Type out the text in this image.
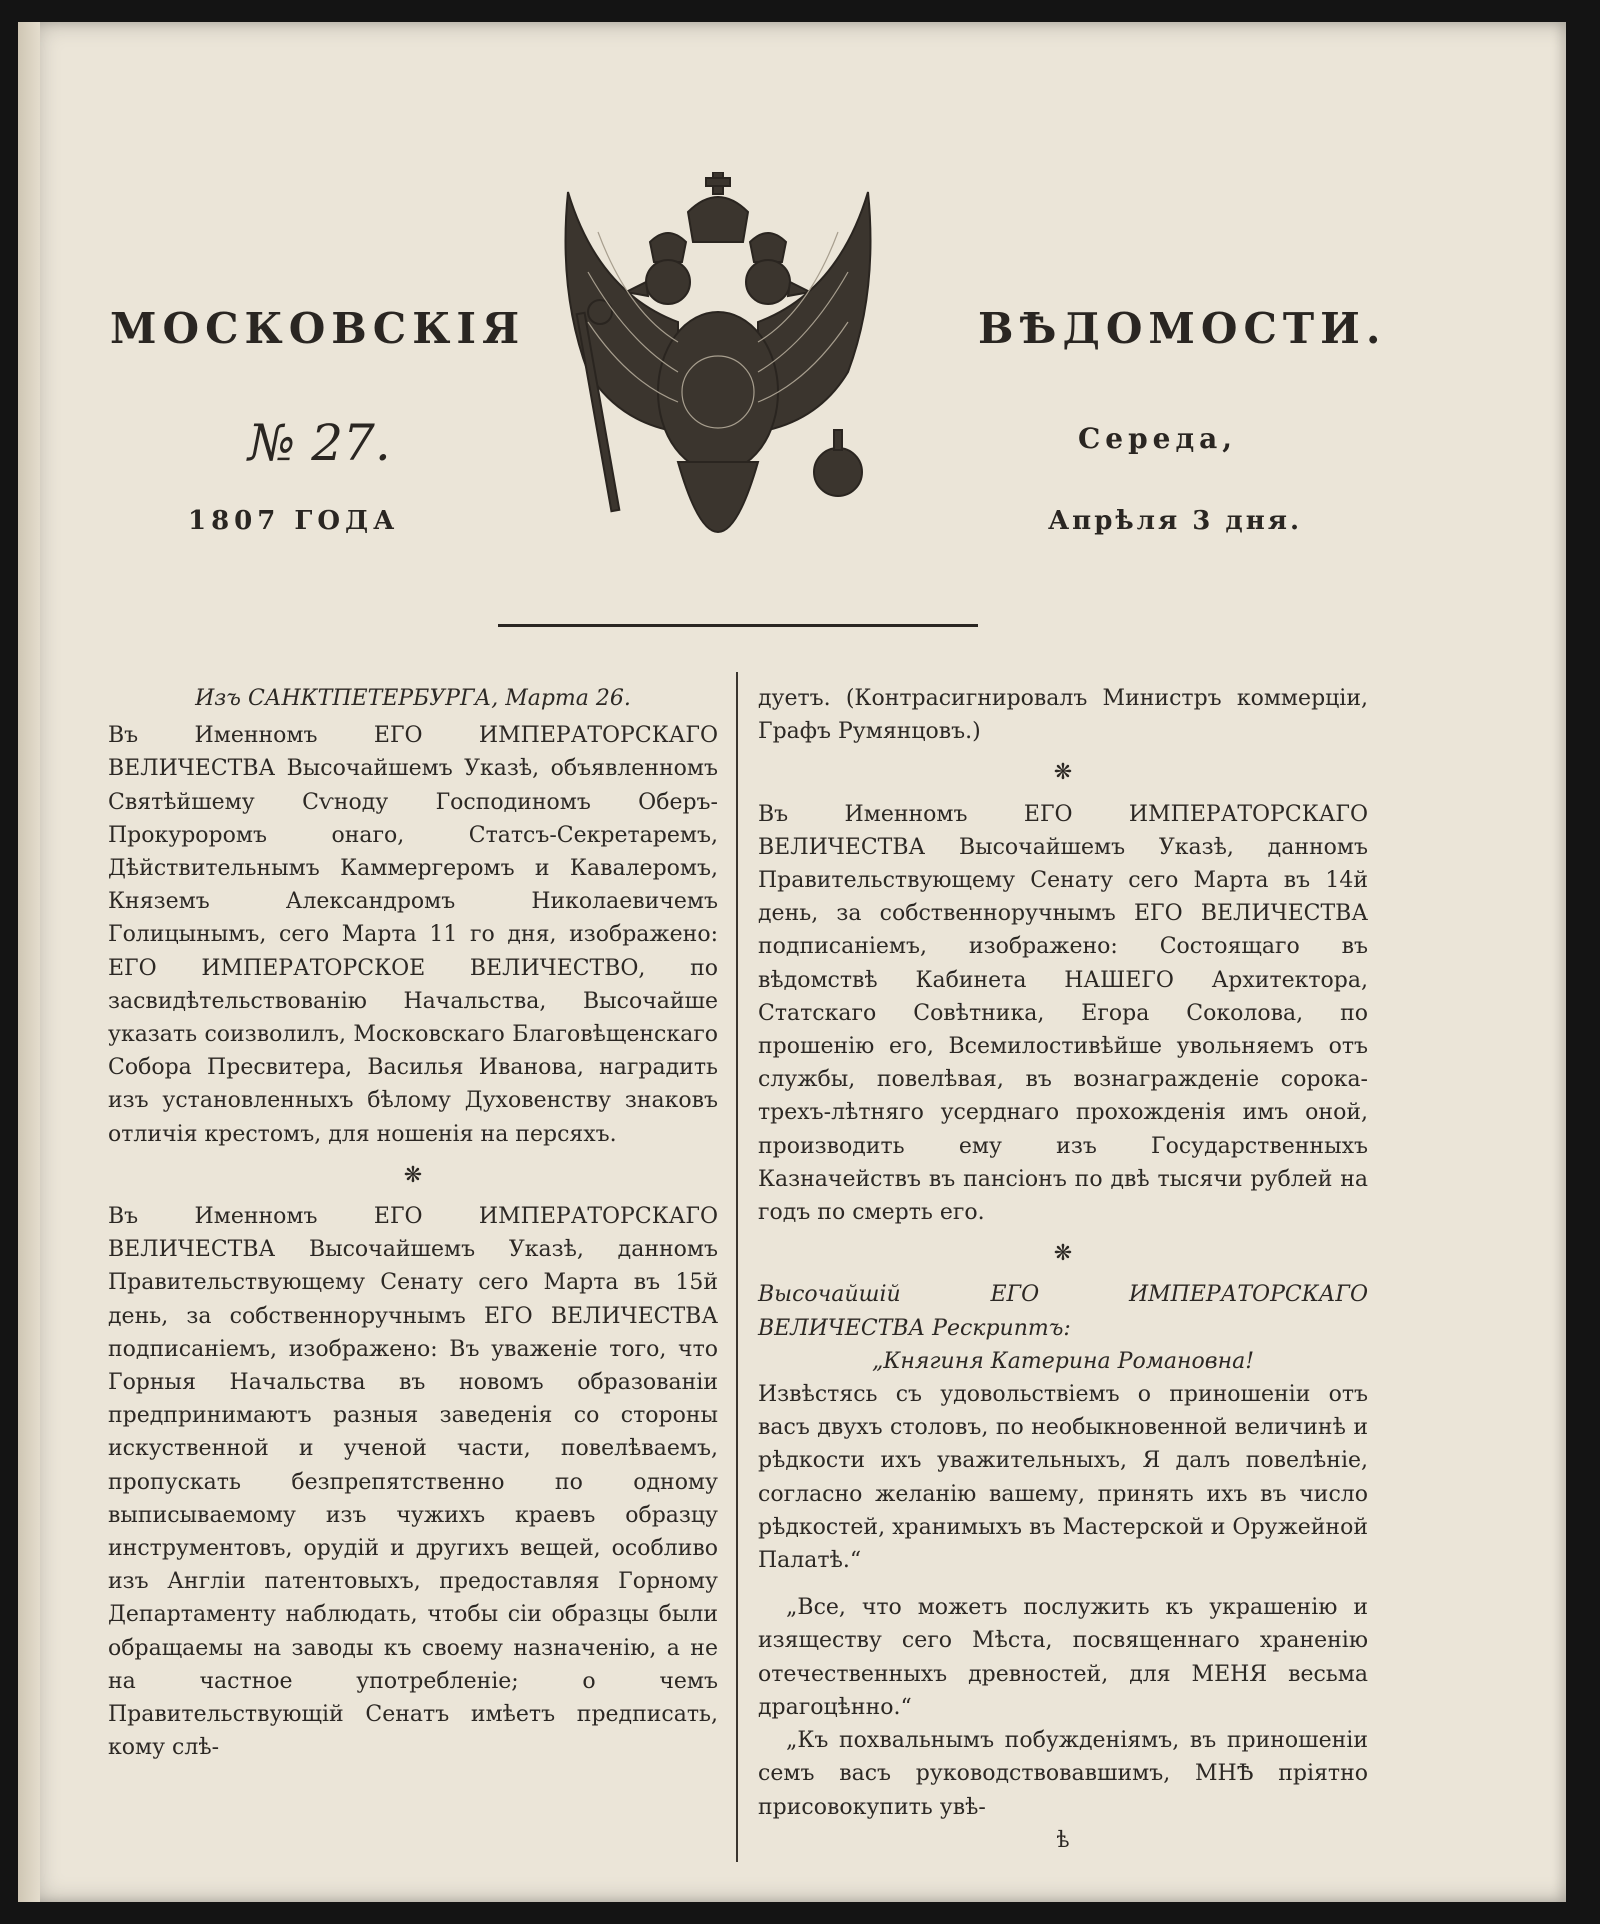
МОСКОВСКІЯ	ВѢДОМОСТИ.
№ 27.
1807 ГОДА
Середа,
Апрѣля 3 дня.

Изъ САНКТПЕТЕРБУРГА, Марта 26.

Въ Именномъ ЕГО ИМПЕРАТОРСКАГО ВЕЛИЧЕСТВА Высочайшемъ Указѣ, объявленномъ Святѣйшему Сѵноду Господиномъ Оберъ-Прокуроромъ онаго, Статсъ-Секретаремъ, Дѣйствительнымъ Каммергеромъ и Кавалеромъ, Княземъ Александромъ Николаевичемъ Голицынымъ, сего Марта 11 го дня, изображено: ЕГО ИМПЕРАТОРСКОЕ ВЕЛИЧЕСТВО, по засвидѣтельствованію Начальства, Высочайше указать соизволилъ, Московскаго Благовѣщенскаго Собора Пресвитера, Василья Иванова, наградить изъ установленныхъ бѣлому Духовенству знаковъ отличія крестомъ, для ношенія на персяхъ.

❋

Въ Именномъ ЕГО ИМПЕРАТОРСКАГО ВЕЛИЧЕСТВА Высочайшемъ Указѣ, данномъ Правительствующему Сенату сего Марта въ 15й день, за собственноручнымъ ЕГО ВЕЛИЧЕСТВА подписаніемъ, изображено: Въ уваженіе того, что Горныя Начальства въ новомъ образованіи предпринимаютъ разныя заведенія со стороны искуственной и ученой части, повелѣваемъ, пропускать безпрепятственно по одному выписываемому изъ чужихъ краевъ образцу инструментовъ, орудій и другихъ вещей, особливо изъ Англіи патентовыхъ, предоставляя Горному Департаменту наблюдать, чтобы сіи образцы были обращаемы на заводы къ своему назначенію, а не на частное употребленіе; о чемъ Правительствующій Сенатъ имѣетъ предписать, кому слѣ-

дуетъ. (Контрасигнировалъ Министръ коммерціи, Графъ Румянцовъ.)

❋

Въ Именномъ ЕГО ИМПЕРАТОРСКАГО ВЕЛИЧЕСТВА Высочайшемъ Указѣ, данномъ Правительствующему Сенату сего Марта въ 14й день, за собственноручнымъ ЕГО ВЕЛИЧЕСТВА подписаніемъ, изображено: Состоящаго въ вѣдомствѣ Кабинета НАШЕГО Архитектора, Статскаго Совѣтника, Егора Соколова, по прошенію его, Всемилостивѣйше увольняемъ отъ службы, повелѣвая, въ вознагражденіе сорока-трехъ-лѣтняго усерднаго прохожденія имъ оной, производить ему изъ Государственныхъ Казначействъ въ пансіонъ по двѣ тысячи рублей на годъ по смерть его.

❋

Высочайшій ЕГО ИМПЕРАТОРСКАГО ВЕЛИЧЕСТВА Рескриптъ:

„Княгиня Катерина Романовна!

Извѣстясь съ удовольствіемъ о приношеніи отъ васъ двухъ столовъ, по необыкновенной величинѣ и рѣдкости ихъ уважительныхъ, Я далъ повелѣніе, согласно желанію вашему, принять ихъ въ число рѣдкостей, хранимыхъ въ Мастерской и Оружейной Палатѣ.“

„Все, что можетъ послужить къ украшенію и изяществу сего Мѣста, посвященнаго храненію отечественныхъ древностей, для МЕНЯ весьма драгоцѣнно.“

„Къ похвальнымъ побужденіямъ, въ приношеніи семъ васъ руководствовавшимъ, МНѢ пріятно присовокупить увѣ-

ѣ
